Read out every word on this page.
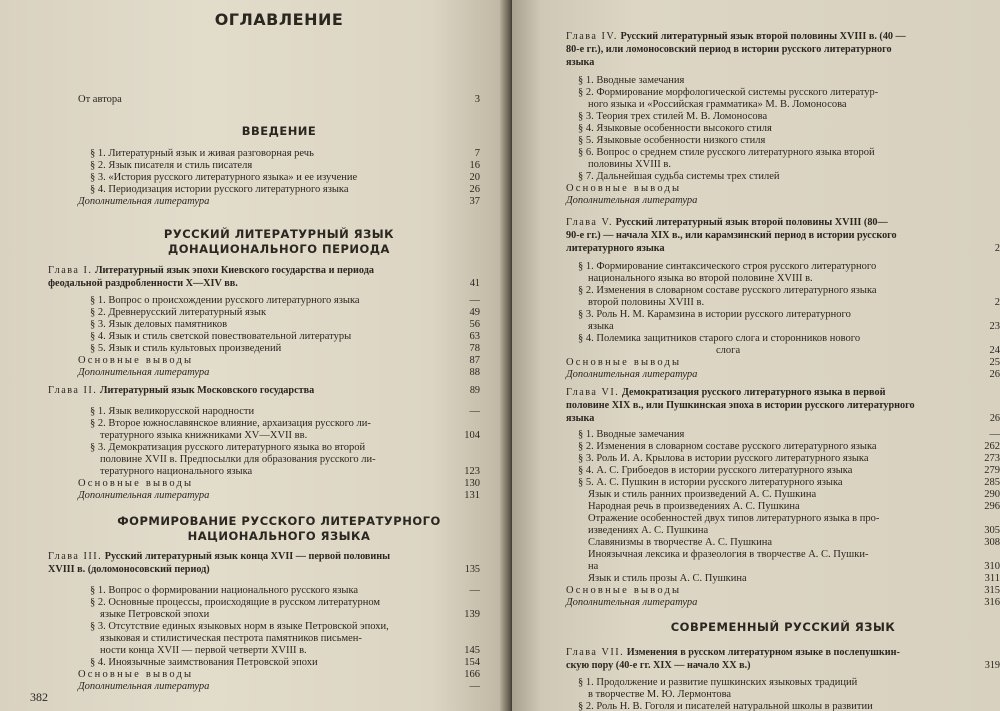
ОГЛАВЛЕНИЕ
От автора	3
ВВЕДЕНИЕ
§ 1. Литературный язык и живая разговорная речь	7
§ 2. Язык писателя и стиль писателя	16
§ 3. «История русского литературного языка» и ее изучение	20
§ 4. Периодизация истории русского литературного языка	26
Дополнительная литература	37
РУССКИЙ ЛИТЕРАТУРНЫЙ ЯЗЫК
ДОНАЦИОНАЛЬНОГО ПЕРИОДА
Глава I. Литературный язык эпохи Киевского государства и периода
феодальной раздробленности X—XIV вв.	41
§ 1. Вопрос о происхождении русского литературного языка	—
§ 2. Древнерусский литературный язык	49
§ 3. Язык деловых памятников	56
§ 4. Язык и стиль светской повествовательной литературы	63
§ 5. Язык и стиль культовых произведений	78
Основные выводы	87
Дополнительная литература	88
Глава II. Литературный язык Московского государства	89
§ 1. Язык великорусской народности	—
§ 2. Второе южнославянское влияние, архаизация русского ли-
тературного языка книжниками XV—XVII вв.	104
§ 3. Демократизация русского литературного языка во второй
половине XVII в. Предпосылки для образования русского ли-
тературного национального языка	123
Основные выводы	130
Дополнительная литература	131
ФОРМИРОВАНИЕ РУССКОГО ЛИТЕРАТУРНОГО
НАЦИОНАЛЬНОГО ЯЗЫКА
Глава III. Русский литературный язык конца XVII — первой половины
XVIII в. (доломоносовский период)	135
§ 1. Вопрос о формировании национального русского языка	—
§ 2. Основные процессы, происходящие в русском литературном
языке Петровской эпохи	139
§ 3. Отсутствие единых языковых норм в языке Петровской эпохи,
языковая и стилистическая пестрота памятников письмен-
ности конца XVII — первой четверти XVIII в.	145
§ 4. Иноязычные заимствования Петровской эпохи	154
Основные выводы	166
Дополнительная литература	—
382
Глава IV. Русский литературный язык второй половины XVIII в. (40 —
80-е гг.), или ломоносовский период в истории русского литературного
языка
§ 1. Вводные замечания
§ 2. Формирование морфологической системы русского литератур-
ного языка и «Российская грамматика» М. В. Ломоносова
§ 3. Теория трех стилей М. В. Ломоносова
§ 4. Языковые особенности высокого стиля
§ 5. Языковые особенности низкого стиля
§ 6. Вопрос о среднем стиле русского литературного языка второй
половины XVIII в.
§ 7. Дальнейшая судьба системы трех стилей
Основные выводы
Дополнительная литература
Глава V. Русский литературный язык второй половины XVIII (80—
90-е гг.) — начала XIX в., или карамзинский период в истории русского
литературного языка	2
§ 1. Формирование синтаксического строя русского литературного
национального языка во второй половине XVIII в.
§ 2. Изменения в словарном составе русского литературного языка
второй половины XVIII в.	2
§ 3. Роль Н. М. Карамзина в истории русского литературного
языка	23
§ 4. Полемика защитников старого слога и сторонников нового
слога	24
Основные выводы	25
Дополнительная литература	26
Глава VI. Демократизация русского литературного языка в первой
половине XIX в., или Пушкинская эпоха в истории русского литературного
языка	26
§ 1. Вводные замечания	—
§ 2. Изменения в словарном составе русского литературного языка	262
§ 3. Роль И. А. Крылова в истории русского литературного языка	273
§ 4. А. С. Грибоедов в истории русского литературного языка	279
§ 5. А. С. Пушкин в истории русского литературного языка	285
Язык и стиль ранних произведений А. С. Пушкина	290
Народная речь в произведениях А. С. Пушкина	296
Отражение особенностей двух типов литературного языка в про-
изведениях А. С. Пушкина	305
Славянизмы в творчестве А. С. Пушкина	308
Иноязычная лексика и фразеология в творчестве А. С. Пушки-
на	310
Язык и стиль прозы А. С. Пушкина	311
Основные выводы	315
Дополнительная литература	316
СОВРЕМЕННЫЙ РУССКИЙ ЯЗЫК
Глава VII. Изменения в русском литературном языке в послепушкин-
скую пору (40-е гг. XIX — начало XX в.)	319
§ 1. Продолжение и развитие пушкинских языковых традиций
в творчестве М. Ю. Лермонтова
§ 2. Роль Н. В. Гоголя и писателей натуральной школы в развитии
